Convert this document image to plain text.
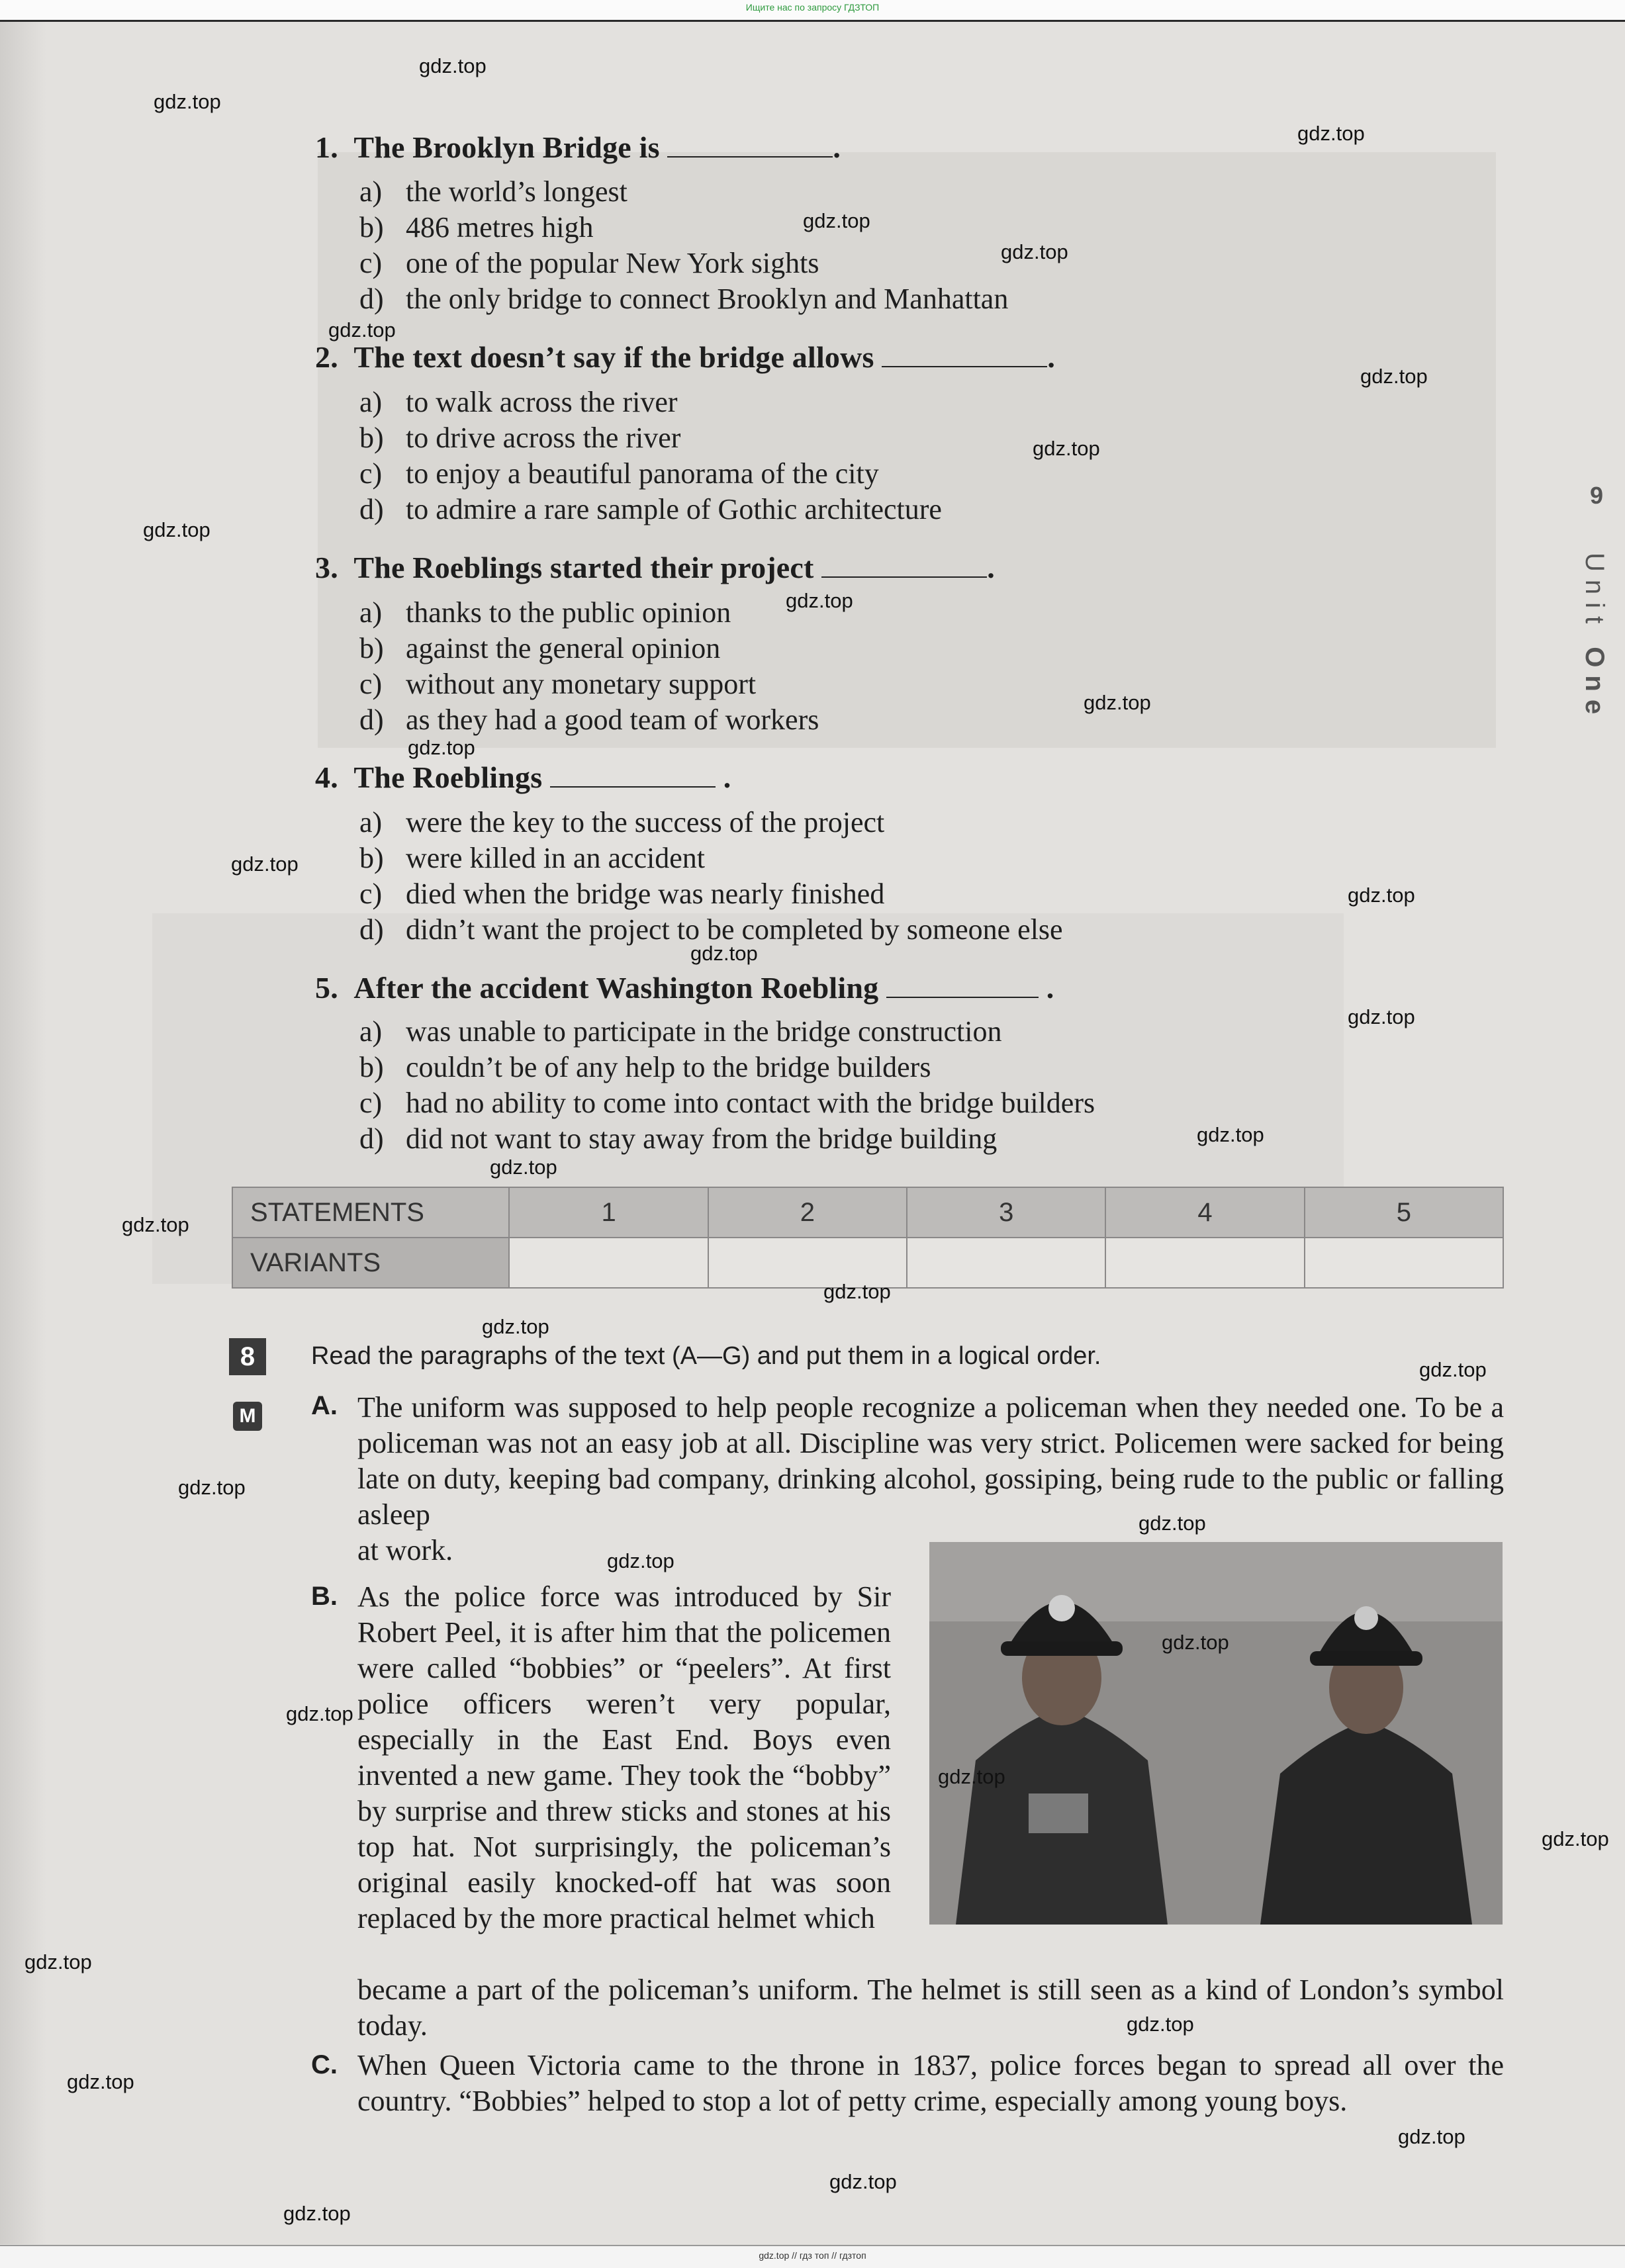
Ищите нас по запросу ГДЗТОП
9
Unit One
1. The Brooklyn Bridge is	.
a) the world’s longest
b) 486 metres high
c) one of the popular New York sights
d) the only bridge to connect Brooklyn and Manhattan
2. The text doesn’t say if the bridge allows	.
a) to walk across the river
b) to drive across the river
c) to enjoy a beautiful panorama of the city
d) to admire a rare sample of Gothic architecture
3. The Roeblings started their project	.
a) thanks to the public opinion
b) against the general opinion
c) without any monetary support
d) as they had a good team of workers
4. The Roeblings	.
a) were the key to the success of the project
b) were killed in an accident
c) died when the bridge was nearly finished
d) didn’t want the project to be completed by someone else
5. After the accident Washington Roebling	.
a) was unable to participate in the bridge construction
b) couldn’t be of any help to the bridge builders
c) had no ability to come into contact with the bridge builders
d) did not want to stay away from the bridge building
STATEMENTS	1	2	3	4	5
VARIANTS					
8
M
Read the paragraphs of the text (A—G) and put them in a logical order.
A. The uniform was supposed to help people recognize a policeman when they needed one. To be a policeman was not an easy job at all. Discipline was very strict. Policemen were sacked for being late on duty, keeping bad company, drinking alcohol, gossiping, being rude to the public or falling asleep
at work.
B. As the police force was introduced by Sir Robert Peel, it is after him that the policemen were called “bobbies” or “peelers”. At first police officers weren’t very popular, especially in the East End. Boys even invented a new game. They took the “bobby” by surprise and threw sticks and stones at his top hat. Not surprisingly, the policeman’s original easily knocked-off hat was soon replaced by the more practical helmet which
became a part of the policeman’s uniform. The helmet is still seen as a kind of London’s symbol today.
C. When Queen Victoria came to the throne in 1837, police forces began to spread all over the country. “Bobbies” helped to stop a lot of petty crime, especially among young boys.
gdz.top
gdz.top
gdz.top
gdz.top
gdz.top
gdz.top
gdz.top
gdz.top
gdz.top
gdz.top
gdz.top
gdz.top
gdz.top
gdz.top
gdz.top
gdz.top
gdz.top
gdz.top
gdz.top
gdz.top
gdz.top
gdz.top
gdz.top
gdz.top
gdz.top
gdz.top
gdz.top
gdz.top
gdz.top
gdz.top
gdz.top
gdz.top
gdz.top
gdz.top
gdz.top
gdz.top // гдз топ // гдзтоп
